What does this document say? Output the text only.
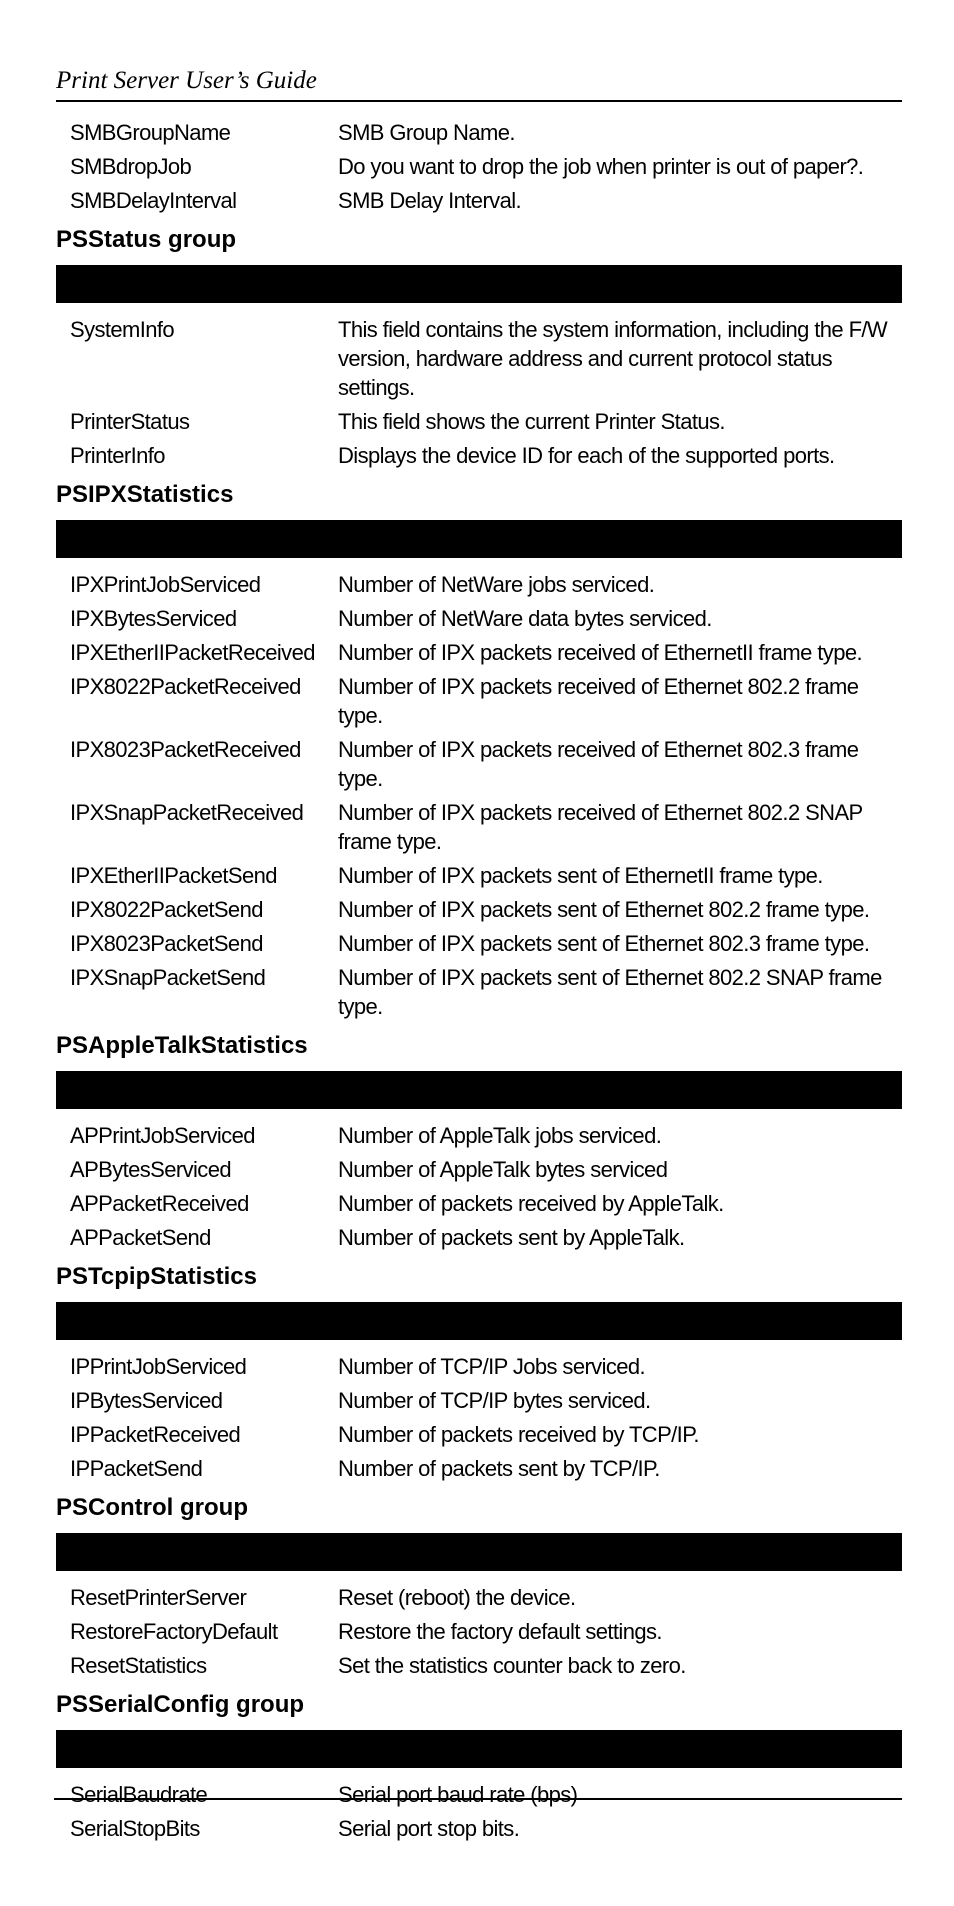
Print Server User’s Guide
SMBGroupName	SMB Group Name.
SMBdropJob	Do you want to drop the job when printer is out of paper?.
SMBDelayInterval	SMB Delay Interval.
PSStatus group
SystemInfo	This field contains the system information, including the F/W version, hardware address and current protocol status settings.
PrinterStatus	This field shows the current Printer Status.
PrinterInfo	Displays the device ID for each of the supported ports.
PSIPXStatistics
IPXPrintJobServiced	Number of NetWare jobs serviced.
IPXBytesServiced	Number of NetWare data bytes serviced.
IPXEtherIIPacketReceived	Number of IPX packets received of EthernetII frame type.
IPX8022PacketReceived	Number of IPX packets received of Ethernet 802.2 frame type.
IPX8023PacketReceived	Number of IPX packets received of Ethernet 802.3 frame type.
IPXSnapPacketReceived	Number of IPX packets received of Ethernet 802.2 SNAP frame type.
IPXEtherIIPacketSend	Number of IPX packets sent of EthernetII frame type.
IPX8022PacketSend	Number of IPX packets sent of Ethernet 802.2 frame type.
IPX8023PacketSend	Number of IPX packets sent of Ethernet 802.3 frame type.
IPXSnapPacketSend	Number of IPX packets sent of Ethernet 802.2 SNAP frame type.
PSAppleTalkStatistics
APPrintJobServiced	Number of AppleTalk jobs serviced.
APBytesServiced	Number of AppleTalk bytes serviced
APPacketReceived	Number of packets received by AppleTalk.
APPacketSend	Number of packets sent by AppleTalk.
PSTcpipStatistics
IPPrintJobServiced	Number of TCP/IP Jobs serviced.
IPBytesServiced	Number of TCP/IP bytes serviced.
IPPacketReceived	Number of packets received by TCP/IP.
IPPacketSend	Number of packets sent by TCP/IP.
PSControl group
ResetPrinterServer	Reset (reboot) the device.
RestoreFactoryDefault	Restore the factory default settings.
ResetStatistics	Set the statistics counter back to zero.
PSSerialConfig group
SerialBaudrate	Serial port baud rate (bps)
SerialStopBits	Serial port stop bits.
